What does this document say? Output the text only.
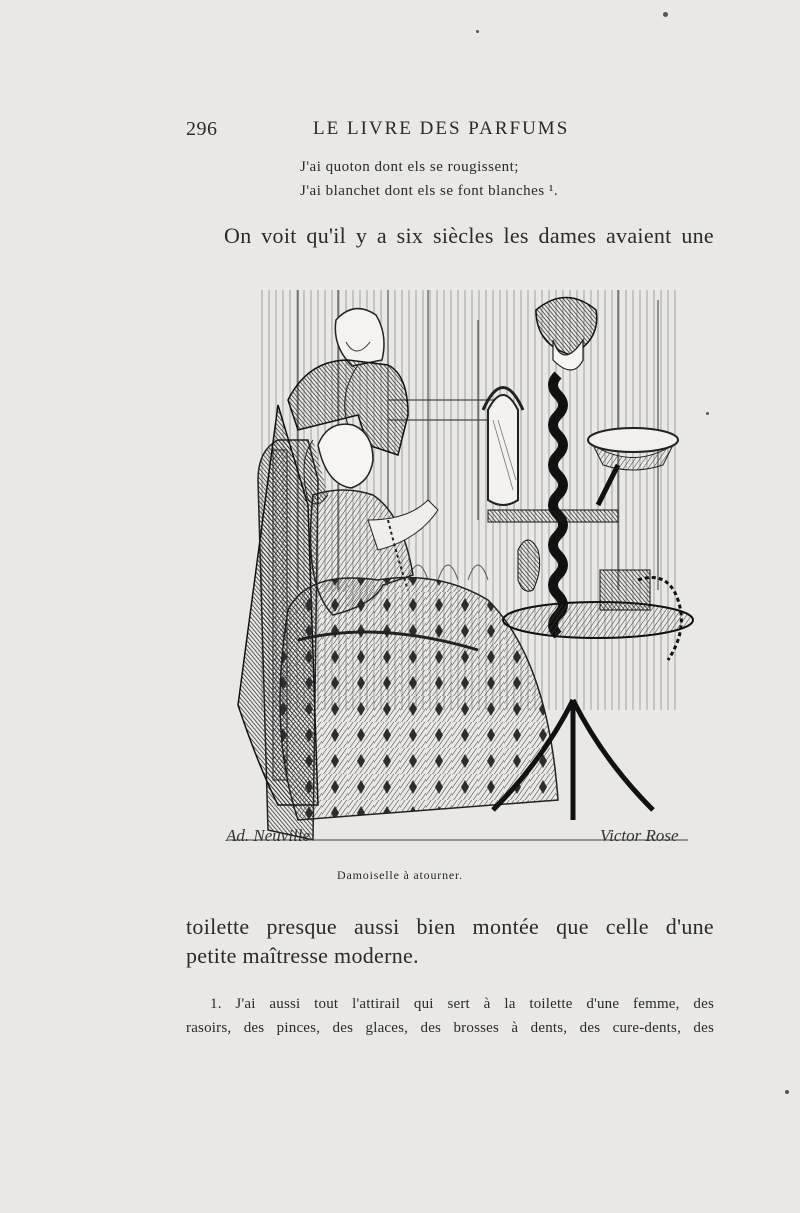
296	LE LIVRE DES PARFUMS
J'ai quoton dont els se rougissent;
J'ai blanchet dont els se font blanches ¹.
On voit qu'il y a six siècles les dames avaient une
Ad. Neuville	Victor Rose
Damoiselle à atourner.
toilette presque aussi bien montée que celle d'une
petite maîtresse moderne.
1. J'ai aussi tout l'attirail qui sert à la toilette d'une femme, des
rasoirs, des pinces, des glaces, des brosses à dents, des cure-dents, des
